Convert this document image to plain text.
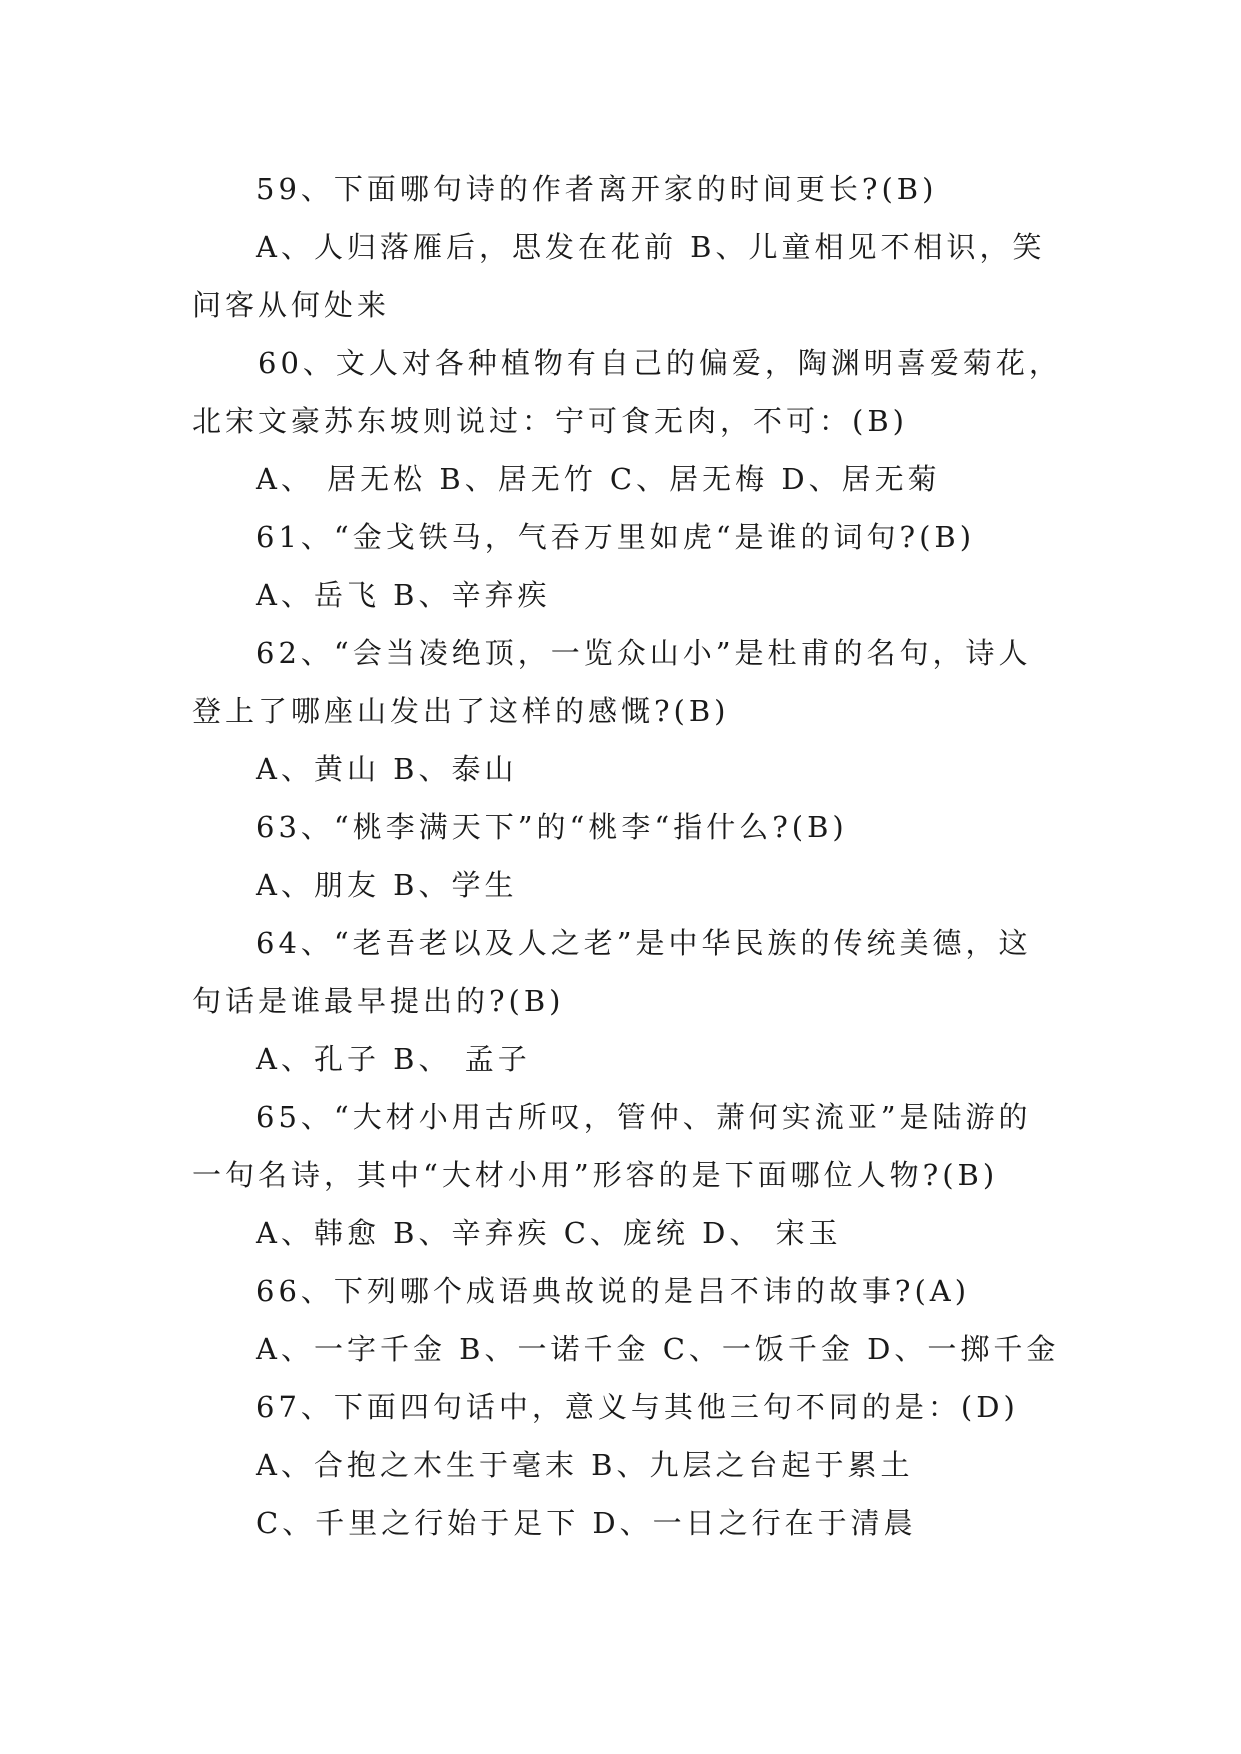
59、下面哪句诗的作者离开家的时间更长?(B)
A、人归落雁后，思发在花前 B、儿童相见不相识，笑
问客从何处来
60、文人对各种植物有自己的偏爱，陶渊明喜爱菊花，
北宋文豪苏东坡则说过：宁可食无肉，不可：(B)
A、 居无松 B、居无竹 C、居无梅 D、居无菊
61、“金戈铁马，气吞万里如虎“是谁的词句?(B)
A、岳飞 B、辛弃疾
62、“会当凌绝顶，一览众山小”是杜甫的名句，诗人
登上了哪座山发出了这样的感慨?(B)
A、黄山 B、泰山
63、“桃李满天下”的“桃李“指什么?(B)
A、朋友 B、学生
64、“老吾老以及人之老”是中华民族的传统美德，这
句话是谁最早提出的?(B)
A、孔子 B、 孟子
65、“大材小用古所叹，管仲、萧何实流亚”是陆游的
一句名诗，其中“大材小用”形容的是下面哪位人物?(B)
A、韩愈 B、辛弃疾 C、庞统 D、 宋玉
66、下列哪个成语典故说的是吕不讳的故事?(A)
A、一字千金 B、一诺千金 C、一饭千金 D、一掷千金
67、下面四句话中，意义与其他三句不同的是：(D)
A、合抱之木生于毫末 B、九层之台起于累土
C、千里之行始于足下 D、一日之行在于清晨
